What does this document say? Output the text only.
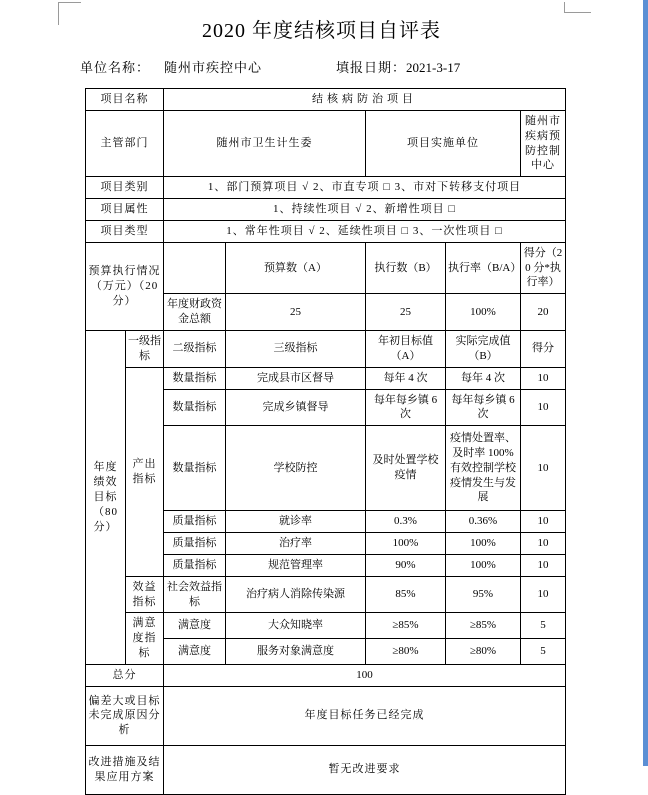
2020 年度结核项目自评表
单位名称： 随州市疾控中心	填报日期： 2021-3-17
项目名称		结核病防治项目				
主管部门		随州市卫生计生委		项目实施单位		随州市疾病预防控制中心
项目类别		1、部门预算项目 √ 2、市直专项 □ 3、市对下转移支付项目				
项目属性		1、持续性项目 √ 2、新增性项目 □				
项目类型		1、常年性项目 √ 2、延续性项目 □ 3、一次性项目 □				
预算执行情况（万元）（20 分）			预算数（A）	执行数（B）	执行率（B/A）	得分（20 分*执行率）
		年度财政资金总额	25	25	100%	20
年度绩效目标（80 分）	一级指标	二级指标	三级指标	年初目标值（A）	实际完成值（B）	得分
	产出指标	数量指标	完成县市区督导	每年 4 次	每年 4 次	10
		数量指标	完成乡镇督导	每年每乡镇 6 次	每年每乡镇 6 次	10
		数量指标	学校防控	及时处置学校疫情	疫情处置率、及时率 100%有效控制学校疫情发生与发展	10
		质量指标	就诊率	0.3%	0.36%	10
		质量指标	治疗率	100%	100%	10
		质量指标	规范管理率	90%	100%	10
	效益指标	社会效益指标	治疗病人消除传染源	85%	95%	10
	满意度指标	满意度	大众知晓率	≥85%	≥85%	5
		满意度	服务对象满意度	≥80%	≥80%	5
总分		100				
偏差大或目标未完成原因分析		年度目标任务已经完成				
改进措施及结果应用方案		暂无改进要求				
